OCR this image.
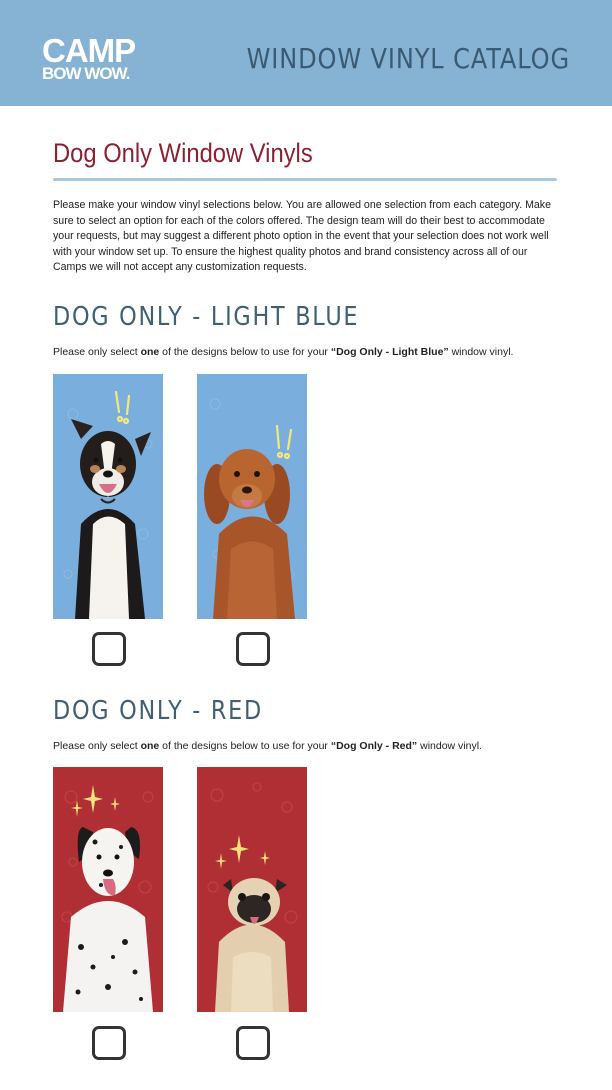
CAMP
BOW WOW.	WINDOW VINYL CATALOG
Dog Only Window Vinyls
Please make your window vinyl selections below. You are allowed one selection from each category. Make sure to select an option for each of the colors offered. The design team will do their best to accommodate your requests, but may suggest a different photo option in the event that your selection does not work well with your window set up. To ensure the highest quality photos and brand consistency across all of our Camps we will not accept any customization requests.
DOG ONLY - LIGHT BLUE
Please only select one of the designs below to use for your “Dog Only - Light Blue” window vinyl.
DOG ONLY - RED
Please only select one of the designs below to use for your “Dog Only - Red” window vinyl.
